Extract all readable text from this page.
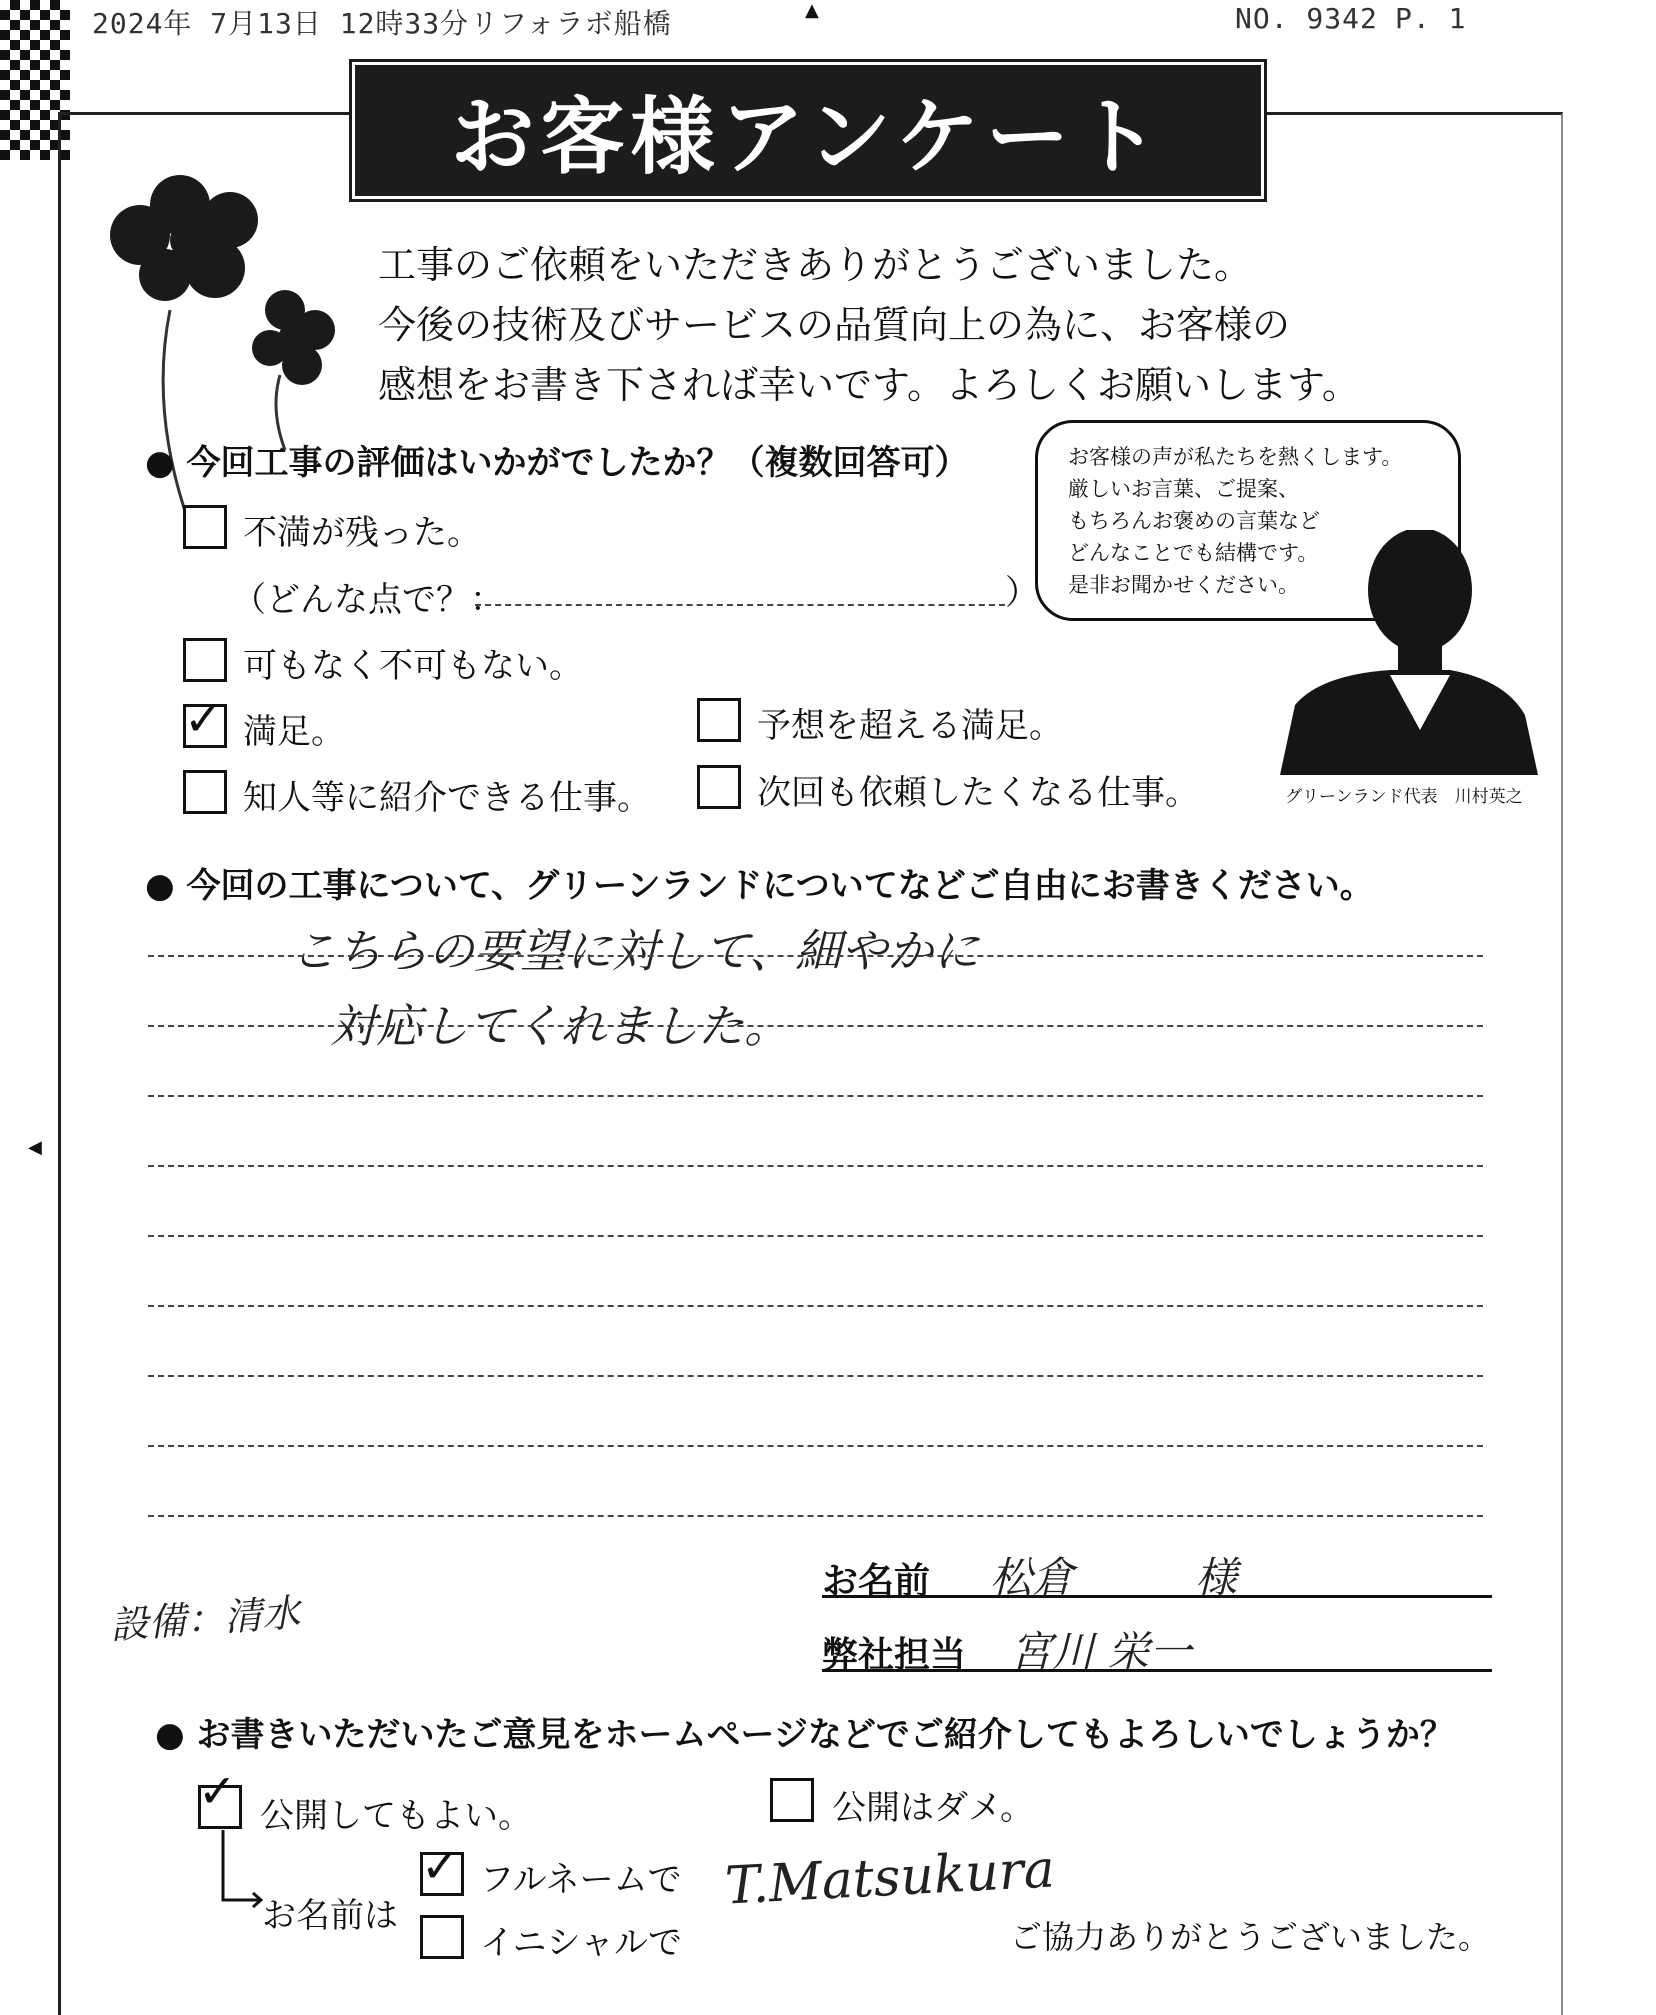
2024年 7月13日 12時33分 リフォラボ船橋	▲	NO. 9342 P. 1
◀
お客様アンケート
工事のご依頼をいただきありがとうございました。
今後の技術及びサービスの品質向上の為に、お客様の
感想をお書き下されば幸いです。よろしくお願いします。
お客様の声が私たちを熱くします。
厳しいお言葉、ご提案、
もちろんお褒めの言葉など
どんなことでも結構です。
是非お聞かせください。
グリーンランド代表　川村英之
● 今回工事の評価はいかがでしたか？（複数回答可）
不満が残った。
（どんな点で？：	）
可もなく不可もない。
✓ 満足。	予想を超える満足。
知人等に紹介できる仕事。	次回も依頼したくなる仕事。
● 今回の工事について、グリーンランドについてなどご自由にお書きください。
こちらの要望に対して、細やかに
対応してくれました。
設備：清水
お名前 松倉	様
弊社担当 宮川 栄一
● お書きいただいたご意見をホームページなどでご紹介してもよろしいでしょうか？
✓ 公開してもよい。	公開はダメ。
お名前は
✓ フルネームで
イニシャルで
T.Matsukura
ご協力ありがとうございました。
